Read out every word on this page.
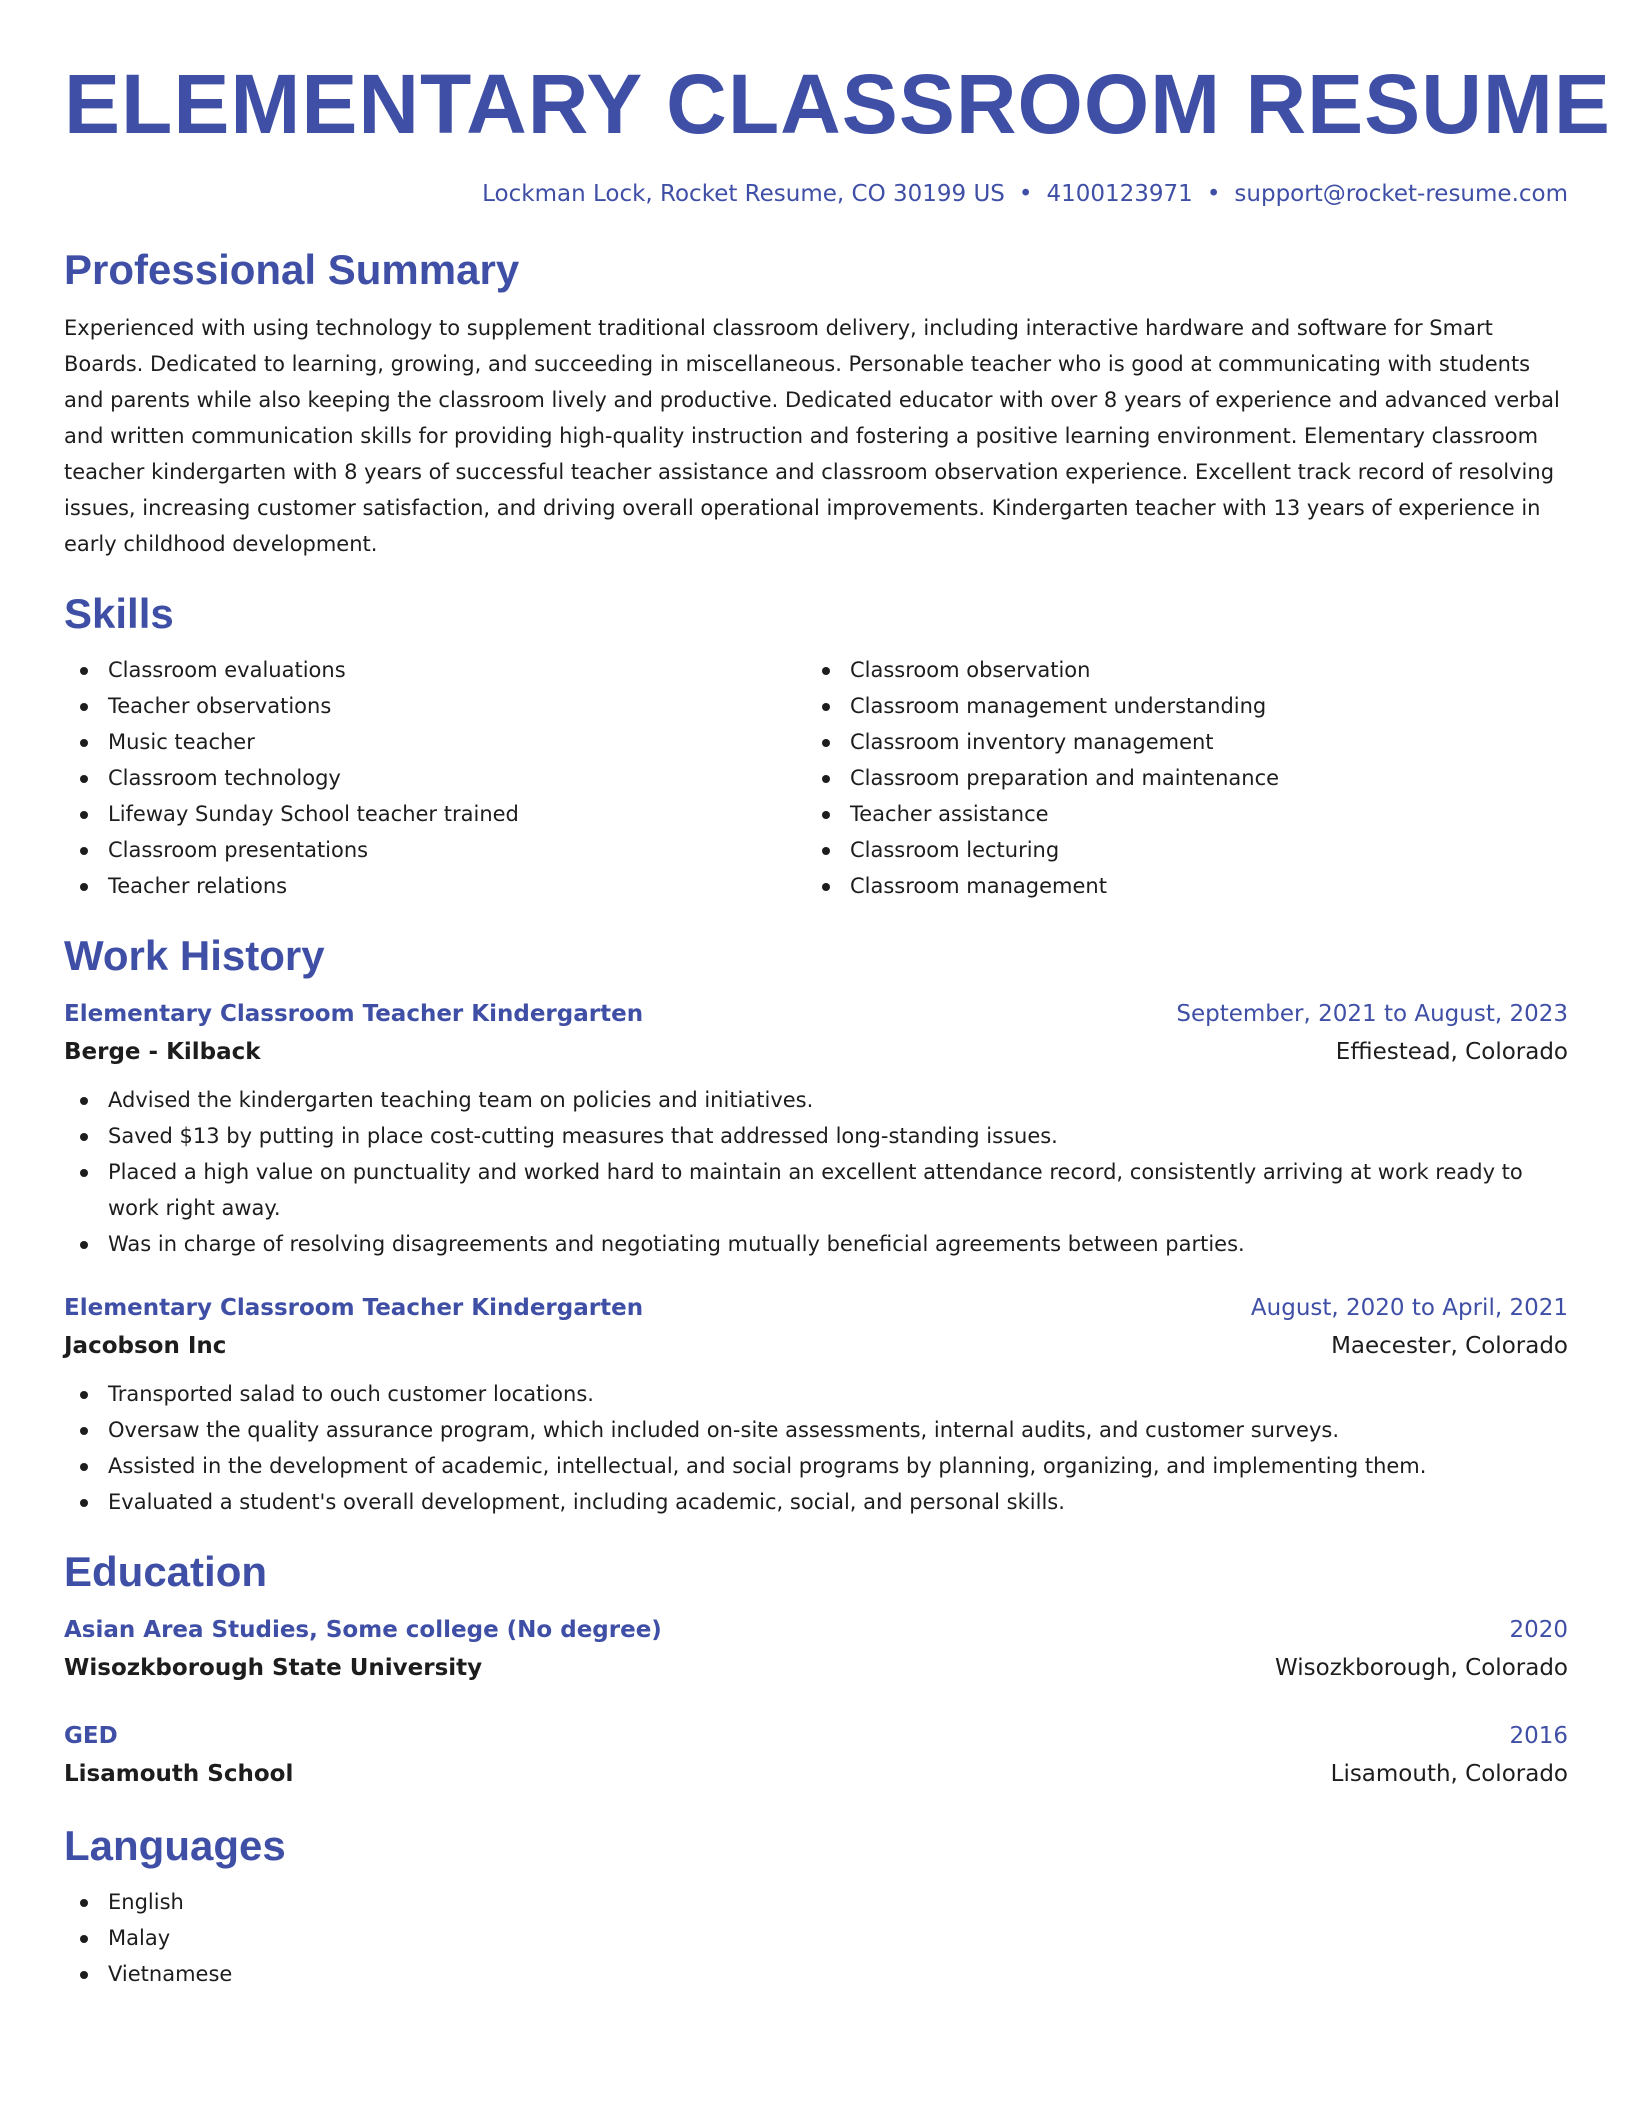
ELEMENTARY CLASSROOM RESUME
Lockman Lock, Rocket Resume, CO 30199 US • 4100123971 • support@rocket-resume.com
Professional Summary

Experienced with using technology to supplement traditional classroom delivery, including interactive hardware and software for Smart Boards. Dedicated to learning, growing, and succeeding in miscellaneous. Personable teacher who is good at communicating with students and parents while also keeping the classroom lively and productive. Dedicated educator with over 8 years of experience and advanced verbal and written communication skills for providing high-quality instruction and fostering a positive learning environment. Elementary classroom teacher kindergarten with 8 years of successful teacher assistance and classroom observation experience. Excellent track record of resolving issues, increasing customer satisfaction, and driving overall operational improvements. Kindergarten teacher with 13 years of experience in early childhood development.

Skills
Classroom evaluations
Teacher observations
Music teacher
Classroom technology
Lifeway Sunday School teacher trained
Classroom presentations
Teacher relations
Classroom observation
Classroom management understanding
Classroom inventory management
Classroom preparation and maintenance
Teacher assistance
Classroom lecturing
Classroom management
Work History
Elementary Classroom Teacher Kindergarten	September, 2021 to August, 2023
Berge - Kilback	Effiestead, Colorado
Advised the kindergarten teaching team on policies and initiatives.
Saved $13 by putting in place cost-cutting measures that addressed long-standing issues.
Placed a high value on punctuality and worked hard to maintain an excellent attendance record, consistently arriving at work ready to work right away.
Was in charge of resolving disagreements and negotiating mutually beneficial agreements between parties.
Elementary Classroom Teacher Kindergarten	August, 2020 to April, 2021
Jacobson Inc	Maecester, Colorado
Transported salad to ouch customer locations.
Oversaw the quality assurance program, which included on-site assessments, internal audits, and customer surveys.
Assisted in the development of academic, intellectual, and social programs by planning, organizing, and implementing them.
Evaluated a student's overall development, including academic, social, and personal skills.
Education
Asian Area Studies, Some college (No degree)	2020
Wisozkborough State University	Wisozkborough, Colorado
GED	2016
Lisamouth School	Lisamouth, Colorado
Languages
English
Malay
Vietnamese
